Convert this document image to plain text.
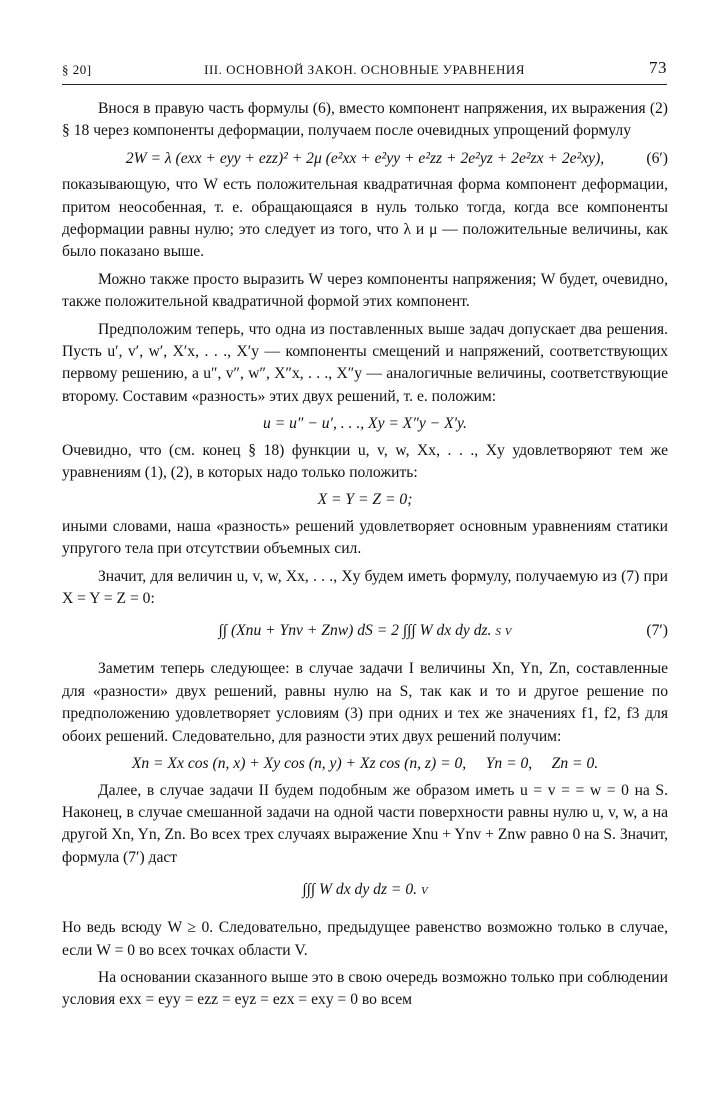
§ 20]	III. ОСНОВНОЙ ЗАКОН. ОСНОВНЫЕ УРАВНЕНИЯ	73

Внося в правую часть формулы (6), вместо компонент напряжения, их выражения (2) § 18 через компоненты деформации, получаем после очевидных упрощений формулу

2W = λ (exx + eyy + ezz)² + 2μ (e²xx + e²yy + e²zz + 2e²yz + 2e²zx + 2e²xy),	(6′)

показывающую, что W есть положительная квадратичная форма компонент деформации, притом неособенная, т. е. обращающаяся в нуль только тогда, когда все компоненты деформации равны нулю; это следует из того, что λ и μ — положительные величины, как было показано выше.

Можно также просто выразить W через компоненты напряжения; W будет, очевидно, также положительной квадратичной формой этих компонент.

Предположим теперь, что одна из поставленных выше задач допускает два решения. Пусть u′, v′, w′, X′x, . . ., X′y — компоненты смещений и напряжений, соответствующих первому решению, а u″, v″, w″, X″x, . . ., X″y — аналогичные величины, соответствующие второму. Составим «разность» этих двух решений, т. е. положим:

u = u″ − u′, . . ., Xy = X″y − X′y.

Очевидно, что (см. конец § 18) функции u, v, w, Xx, . . ., Xy удовлетворяют тем же уравнениям (1), (2), в которых надо только положить:

X = Y = Z = 0;

иными словами, наша «разность» решений удовлетворяет основным уравнениям статики упругого тела при отсутствии объемных сил.

Значит, для величин u, v, w, Xx, . . ., Xy будем иметь формулу, получаемую из (7) при X = Y = Z = 0:

∫∫ (Xnu + Ynv + Znw) dS = 2 ∫∫∫ W dx dy dz. S V	(7′)

Заметим теперь следующее: в случае задачи I величины Xn, Yn, Zn, составленные для «разности» двух решений, равны нулю на S, так как и то и другое решение по предположению удовлетворяет условиям (3) при одних и тех же значениях f1, f2, f3 для обоих решений. Следовательно, для разности этих двух решений получим:

Xn = Xx cos (n, x) + Xy cos (n, y) + Xz cos (n, z) = 0,     Yn = 0,     Zn = 0.

Далее, в случае задачи II будем подобным же образом иметь u = v = = w = 0 на S. Наконец, в случае смешанной задачи на одной части поверхности равны нулю u, v, w, а на другой Xn, Yn, Zn. Во всех трех случаях выражение Xnu + Ynv + Znw равно 0 на S. Значит, формула (7′) даст

∫∫∫ W dx dy dz = 0. V

Но ведь всюду W ≥ 0. Следовательно, предыдущее равенство возможно только в случае, если W = 0 во всех точках области V.

На основании сказанного выше это в свою очередь возможно только при соблюдении условия exx = eyy = ezz = eyz = ezx = exy = 0 во всем
